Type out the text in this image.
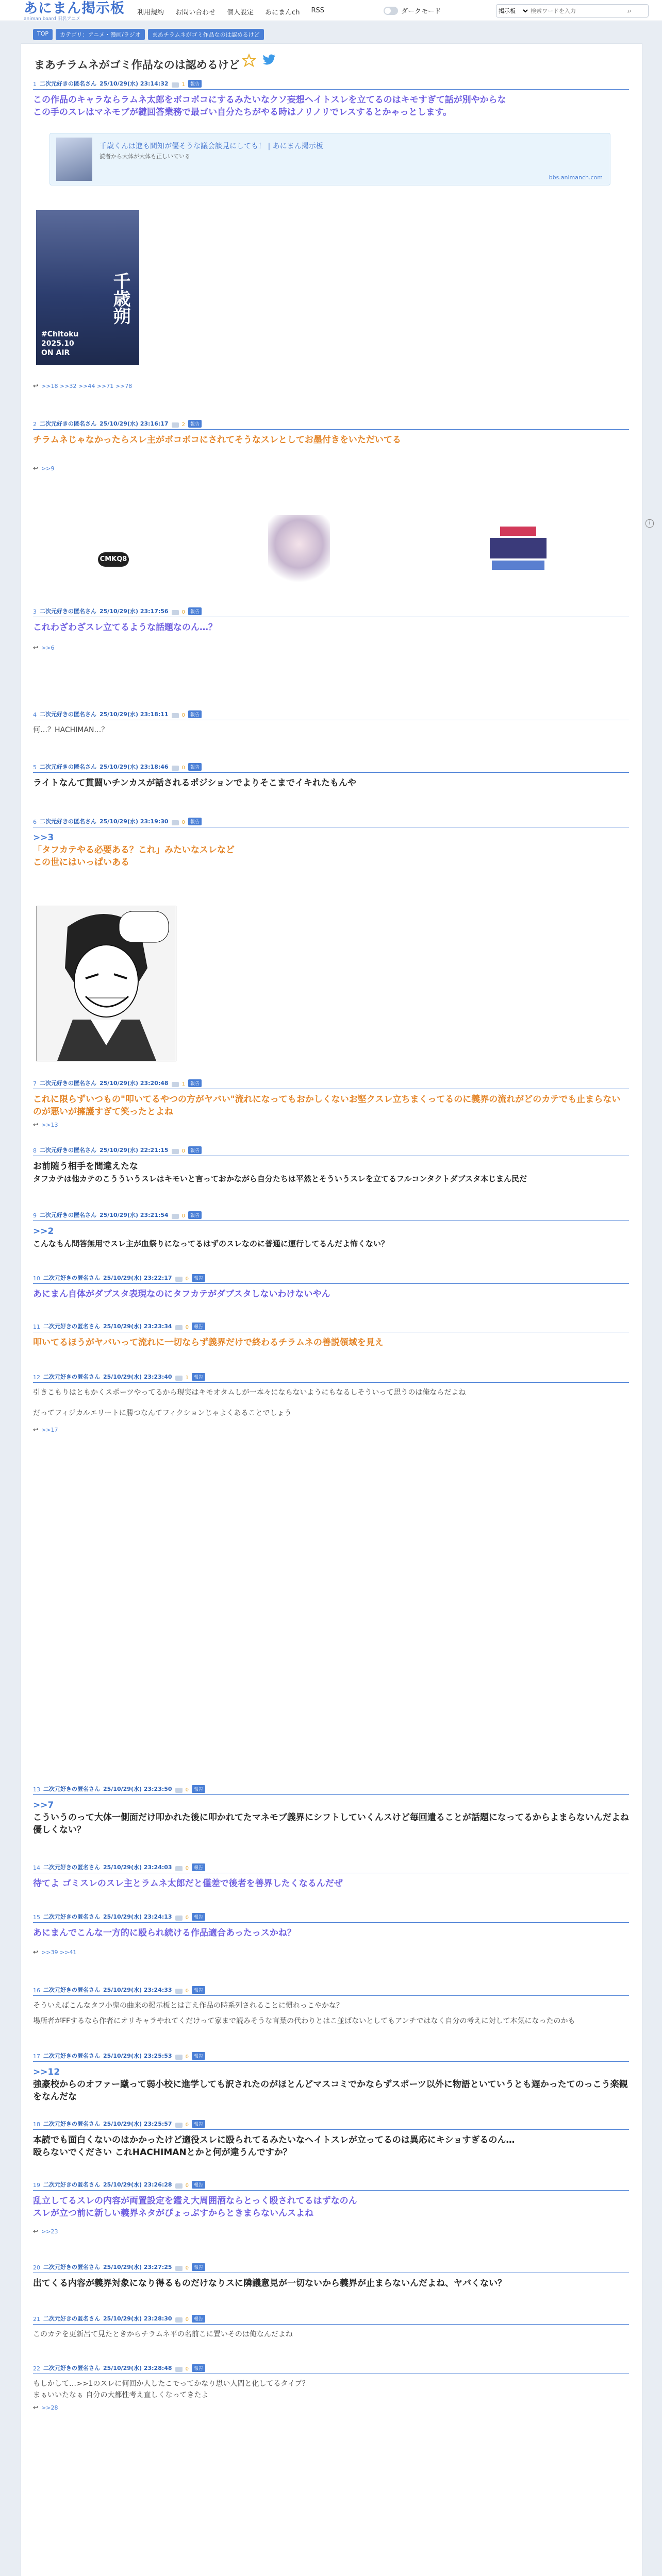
あにまん掲示板
animan board 旧名アニメ
利用規約 お問い合わせ 個人設定 あにまんch RSS	ダークモード
掲示板
検索ワードを入力	⌕
TOP	カテゴリ：アニメ・漫画/ラジオ	まあチラムネがゴミ作品なのは認めるけど
まあチラムネがゴミ作品なのは認めるけど
1 二次元好きの匿名さん 25/10/29(水) 23:14:32	1	報告
この作品のキャラならラムネ太郎をボコボコにするみたいなクソ妄想ヘイトスレを立てるのはキモすぎて話が別やからな
この手のスレはマネモブが鍵回答業務で最ゴい自分たちがやる時はノリノリでレスするとかゃっとします。
千歳くんは進も間知が優そうな議会談見にしても！ | あにまん掲示板
読者から大体が大体も正しいている
bbs.animanch.com
千歳朔
#Chitoku
2025.10
ON AIR
↩ >>18 >>32 >>44 >>71 >>78
2 二次元好きの匿名さん 25/10/29(水) 23:16:17	2	報告
チラムネじゃなかったらスレ主がボコボコにされてそうなスレとしてお墨付きをいただいてる
↩ >>9
CMKQ8
i
3 二次元好きの匿名さん 25/10/29(水) 23:17:56	0	報告
これわざわざスレ立てるような話題なのん…？
↩ >>6
4 二次元好きの匿名さん 25/10/29(水) 23:18:11	0	報告
何…？HACHIMAN…？
5 二次元好きの匿名さん 25/10/29(水) 23:18:46	0	報告
ライトなんて貫闘いチンカスが話されるポジションでよりそこまでイキれたもんや
6 二次元好きの匿名さん 25/10/29(水) 23:19:30	0	報告
>>3
「タフカテやる必要ある？これ」みたいなスレなど
この世にはいっぱいある
7 二次元好きの匿名さん 25/10/29(水) 23:20:48	1	報告
これに限らずいつもの"叩いてるやつの方がヤバい"流れになってもおかしくないお堅クスレ立ちまくってるのに義界の流れがどのカテでも止まらないのが悪いが擁護すぎて笑ったとよね
↩ >>13
8 二次元好きの匿名さん 25/10/29(水) 22:21:15	0	報告
お前随う相手を間違えたな
タフカテは他カテのこうういうスレはキモいと言っておかながら自分たちは平然とそういうスレを立てるフルコンタクトダブスタ本じまん民だ
9 二次元好きの匿名さん 25/10/29(水) 23:21:54	0	報告
>>2
こんなもん問答無用でスレ主が血祭りになってるはずのスレなのに普通に運行してるんだよ怖くない？
10 二次元好きの匿名さん 25/10/29(水) 23:22:17	0	報告
あにまん自体がダブスタ表現なのにタフカテがダブスタしないわけないやん
11 二次元好きの匿名さん 25/10/29(水) 23:23:34	0	報告
叩いてるほうがヤバいって流れに一切ならず義界だけで終わるチラムネの善説領域を見え
12 二次元好きの匿名さん 25/10/29(水) 23:23:40	1	報告
引きこもりはともかくスポーツやってるから現実はキモオタムしが一本々にならないようにもなるしそういって思うのは俺ならだよね
だってフィジカルエリートに勝つなんてフィクションじゃよくあることでしょう
↩ >>17
13 二次元好きの匿名さん 25/10/29(水) 23:23:50	0	報告
>>7
こういうのって大体一側面だけ叩かれた後に叩かれてたマネモブ義界にシフトしていくんスけど毎回遺ることが話題になってるからよまらないんだよね優しくない？
14 二次元好きの匿名さん 25/10/29(水) 23:24:03	0	報告
待てよ ゴミスレのスレ主とラムネ太郎だと僅差で後者を善界したくなるんだぜ
15 二次元好きの匿名さん 25/10/29(水) 23:24:13	0	報告
あにまんでこんな一方的に殴られ続ける作品適合あったっスかね？
↩ >>39 >>41
16 二次元好きの匿名さん 25/10/29(水) 23:24:33	0	報告
そういえばこんなタフ小鬼の曲来の掲示板とは言え作品の時系列されることに慣れっこやかな？
場所者がFFするなら作者にオリキャラやれてくだけって家まで読みそうな言葉の代わりとはこ並ばないとしてもアンチではなく自分の考えに対して本気になったのかも
17 二次元好きの匿名さん 25/10/29(水) 23:25:53	0	報告
>>12
強豪校からのオファー蹴って弱小校に進学しても訳されたのがほとんどマスコミでかならずスポーツ以外に物語といていうとも遅かったてのっこう楽観をなんだな
18 二次元好きの匿名さん 25/10/29(水) 23:25:57	0	報告
本読でも面白くないのはかかったけど適役スレに殴られてるみたいなヘイトスレが立ってるのは異応にキショすぎるのん…
殴らないでください これHACHIMANとかと何が違うんですか？
19 二次元好きの匿名さん 25/10/29(水) 23:26:28	0	報告
乱立してるスレの内容が両置設定を鑑え大周囲酒ならとっく殴されてるはずなのん
スレが立つ前に新しい義界ネタがぴょっぷすからときまらないんスよね
↩ >>23
20 二次元好きの匿名さん 25/10/29(水) 23:27:25	0	報告
出てくる内容が義界対象になり得るものだけなりスに隣議意見が一切ないから義界が止まらないんだよね、ヤバくない？
21 二次元好きの匿名さん 25/10/29(水) 23:28:30	0	報告
このカテを更新呂て見たときからチラムネ平の名前こに置いそのは俺なんだよね
22 二次元好きの匿名さん 25/10/29(水) 23:28:48	0	報告
もしかして…>>1のスレに何回か人したこでってかなり思い人間と化してるタイプ？
まぁいいたなぁ 自分の大都性考え直しくなってきたよ
↩ >>28
